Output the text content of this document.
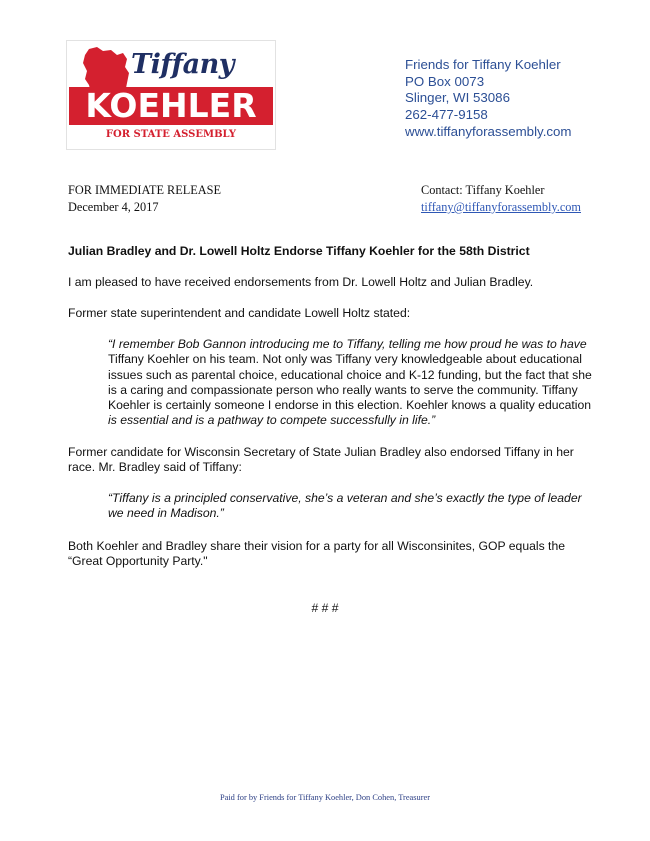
Tiffany
KOEHLER
FOR STATE ASSEMBLY
Friends for Tiffany Koehler
PO Box 0073
Slinger, WI 53086
262-477-9158
www.tiffanyforassembly.com
FOR IMMEDIATE RELEASE
December 4, 2017
Contact: Tiffany Koehler
tiffany@tiffanyforassembly.com
Julian Bradley and Dr. Lowell Holtz Endorse Tiffany Koehler for the 58th District
I am pleased to have received endorsements from Dr. Lowell Holtz and Julian Bradley.
Former state superintendent and candidate Lowell Holtz stated:
“I remember Bob Gannon introducing me to Tiffany, telling me how proud he was to have
Tiffany Koehler on his team. Not only was Tiffany very knowledgeable about educational issues such as parental choice, educational choice and K-12 funding, but the fact that she is a caring and compassionate person who really wants to serve the community. Tiffany Koehler is certainly someone I endorse in this election. Koehler knows a quality education
is essential and is a pathway to compete successfully in life.”
Former candidate for Wisconsin Secretary of State Julian Bradley also endorsed Tiffany in her race. Mr. Bradley said of Tiffany:
“Tiffany is a principled conservative, she’s a veteran and she’s exactly the type of leader we need in Madison.”
Both Koehler and Bradley share their vision for a party for all Wisconsinites, GOP equals the “Great Opportunity Party."
# # #
Paid for by Friends for Tiffany Koehler, Don Cohen, Treasurer
